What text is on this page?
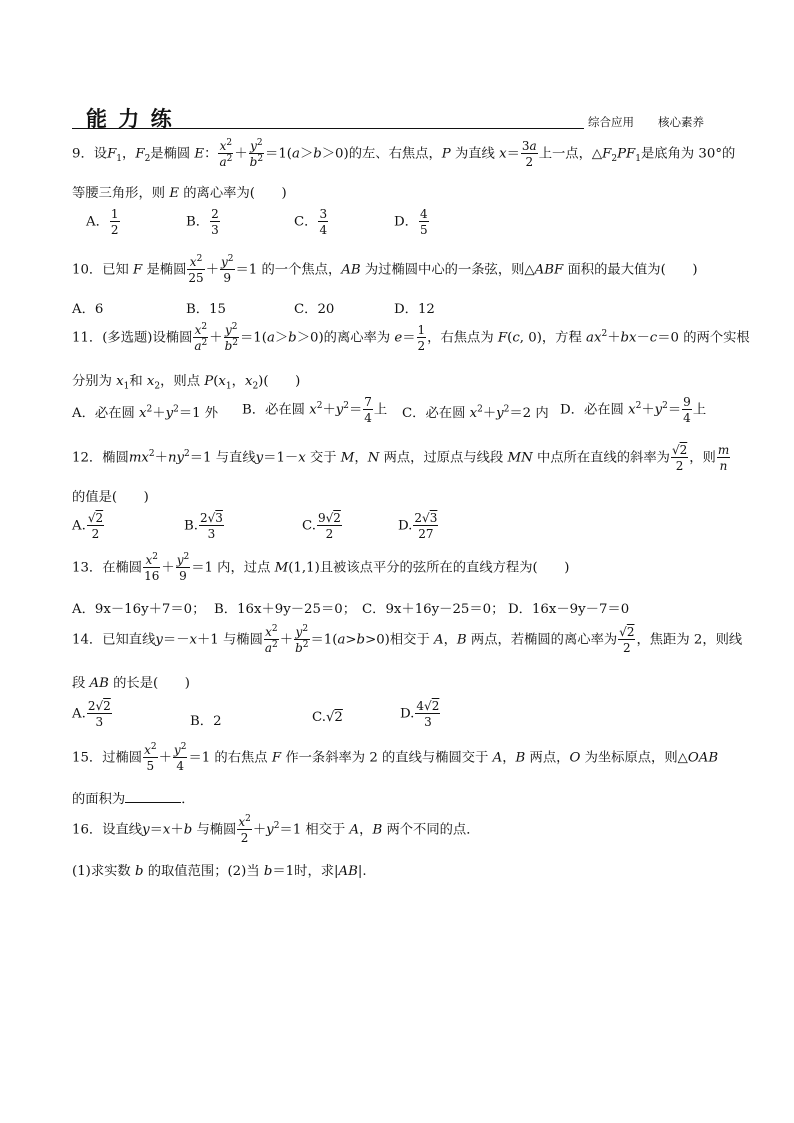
能 力 练	综合应用 核心素养
9．设$F_1$，$F_2$是椭圆 E： $\frac{x^2}{a^2} + \frac{y^2}{b^2} =1(a>b>0)$的左、右焦点，P 为直线 $x= \frac{3a}{2}$ 上一点，$\triangle F_2PF_1$是底角为 30°的
等腰三角形，则 E 的离心率为(　　)
A． $\frac{1}{2}$	B． $\frac{2}{3}$	C． $\frac{3}{4}$	D． $\frac{4}{5}$
10．已知 F 是椭圆 $\frac{x^2}{25} + \frac{y^2}{9} =1$ 的一个焦点，AB 为过椭圆中心的一条弦，则△ABF 面积的最大值为(　　)
A．6	B．15	C．20	D．12
11．(多选题)设椭圆 $\frac{x^2}{a^2} + \frac{y^2}{b^2} =1(a>b>0)$的离心率为 $e= \frac{1}{2}$ ，右焦点为 F(c, 0)，方程 $ax^2+bx-c=0$ 的两个实根
分别为 $x_1$和 $x_2$，则点 $P(x_1$，$x_2$)(　　)
A．必在圆 $x^2+y^2=1$ 外 B．必在圆 $x^2+y^2= \frac{7}{4}$ 上 C．必在圆 $x^2+y^2=2$ 内 D．必在圆 $x^2+y^2= \frac{9}{4}$ 上
12．椭圆$mx^2+ny^2=1$ 与直线y＝1－x 交于 M，N 两点，过原点与线段 MN 中点所在直线的斜率为 $\frac{√2}{2}$ ，则 $\frac{m}{n}$
的值是(　　)
A. $\frac{√2}{2}$	B. $\frac{2√3}{3}$	C. $\frac{9√2}{2}$	D. $\frac{2√3}{27}$
13．在椭圆 $\frac{x^2}{16} + \frac{y^2}{9} =1$ 内，过点 M(1,1)且被该点平分的弦所在的直线方程为(　　)
A．9x－16y＋7＝0； B．16x＋9y－25＝0； C．9x＋16y－25＝0； D．16x－9y－7＝0
14．已知直线y＝－x＋1 与椭圆 $\frac{x^2}{a^2} + \frac{y^2}{b^2} =1(a>b>0)$相交于 A，B 两点，若椭圆的离心率为 $\frac{√2}{2}$ ，焦距为 2，则线
段 AB 的长是(　　)
A. $\frac{2√2}{3}$	B．2	C.√2	D. $\frac{4√2}{3}$
15．过椭圆 $\frac{x^2}{5} + \frac{y^2}{4} =1$ 的右焦点 F 作一条斜率为 2 的直线与椭圆交于 A，B 两点，O 为坐标原点，则△OAB
的面积为	．
16．设直线y＝x＋b 与椭圆 $\frac{x^2}{2} +y^2=1$ 相交于 A，B 两个不同的点．
(1)求实数 b 的取值范围；(2)当 b＝1时，求|AB|.
